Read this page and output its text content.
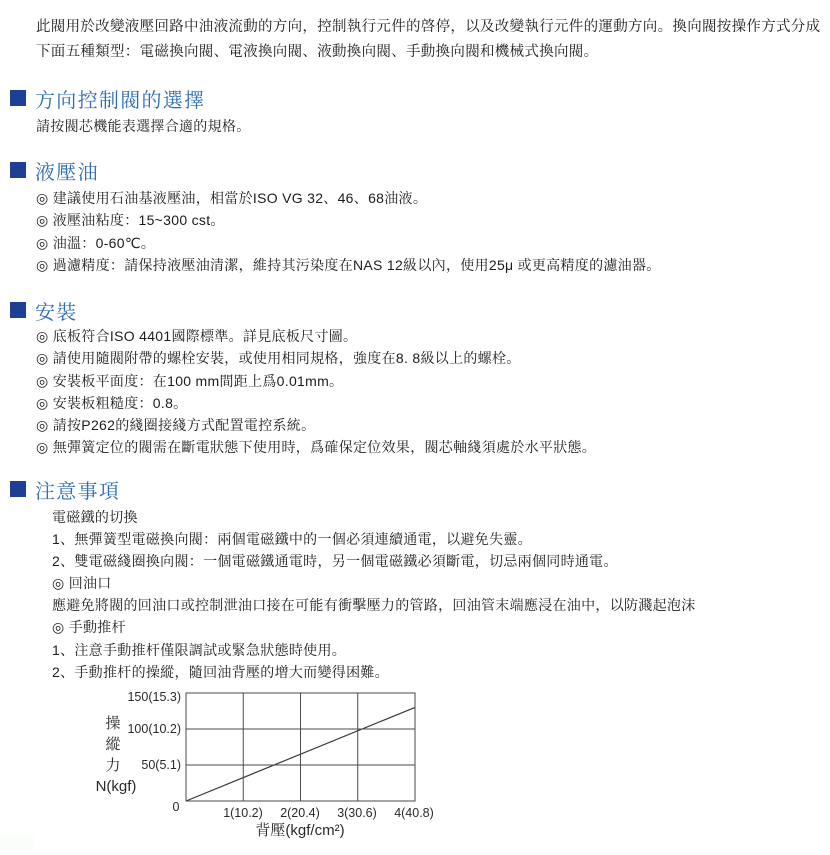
此閥用於改變液壓回路中油液流動的方向，控制執行元件的啓停，以及改變執行元件的運動方向。換向閥按操作方式分成下面五種類型：電磁換向閥、電液換向閥、液動換向閥、手動換向閥和機械式換向閥。
方向控制閥的選擇
請按閥芯機能表選擇合適的規格。
液壓油
◎ 建議使用石油基液壓油，相當於ISO VG 32、46、68油液。
◎ 液壓油粘度：15~300 cst。
◎ 油溫：0-60℃。
◎ 過濾精度：請保持液壓油清潔，維持其污染度在NAS 12級以內，使用25μ 或更高精度的濾油器。
安裝
◎ 底板符合ISO 4401國際標準。詳見底板尺寸圖。
◎ 請使用隨閥附帶的螺栓安裝，或使用相同規格，強度在8. 8級以上的螺栓。
◎ 安裝板平面度：在100 mm間距上爲0.01mm。
◎ 安裝板粗糙度：0.8。
◎ 請按P262的綫圈接綫方式配置電控系統。
◎ 無彈簧定位的閥需在斷電狀態下使用時，爲確保定位效果，閥芯軸綫須處於水平狀態。
注意事項
電磁鐵的切換
1、無彈簧型電磁換向閥：兩個電磁鐵中的一個必須連續通電，以避免失靈。
2、雙電磁綫圈換向閥：一個電磁鐵通電時，另一個電磁鐵必須斷電，切忌兩個同時通電。
◎ 回油口
應避免將閥的回油口或控制泄油口接在可能有衝擊壓力的管路，回油管末端應浸在油中，以防濺起泡沫
◎ 手動推杆
1、注意手動推杆僅限調試或緊急狀態時使用。
2、手動推杆的操縱，隨回油背壓的增大而變得困難。
操
縱
力
N(kgf)
150(15.3)
100(10.2)
50(5.1)
0	1(10.2) 2(20.4) 3(30.6) 4(40.8)
背壓(kgf/cm²)
